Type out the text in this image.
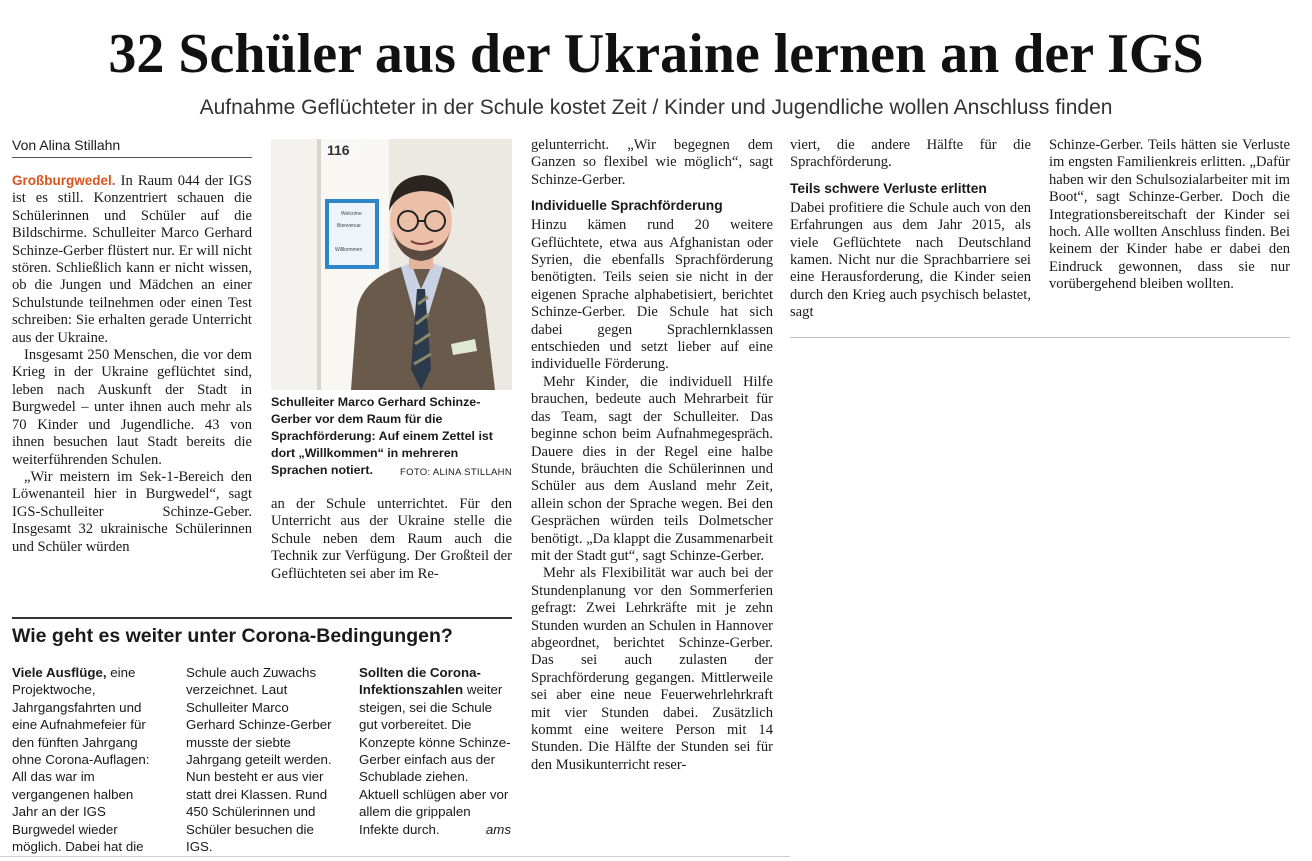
32 Schüler aus der Ukraine lernen an der IGS
Aufnahme Geflüchteter in der Schule kostet Zeit / Kinder und Jugendliche wollen Anschluss finden
Von Alina Stillahn

Großburgwedel. In Raum 044 der IGS ist es still. Konzentriert schauen die Schülerinnen und Schüler auf die Bildschirme. Schulleiter Marco Gerhard Schinze-Gerber flüstert nur. Er will nicht stören. Schließlich kann er nicht wissen, ob die Jungen und Mädchen an einer Schulstunde teilnehmen oder einen Test schreiben: Sie erhalten gerade Unterricht aus der Ukraine.

Insgesamt 250 Menschen, die vor dem Krieg in der Ukraine geflüchtet sind, leben nach Auskunft der Stadt in Burgwedel – unter ihnen auch mehr als 70 Kinder und Jugendliche. 43 von ihnen besuchen laut Stadt bereits die weiterführenden Schulen.

„Wir meistern im Sek-1-Bereich den Löwenanteil hier in Burgwedel“, sagt IGS-Schulleiter Schinze-Geber. Insgesamt 32 ukrainische Schülerinnen und Schüler würden

116
Welcome
Bienvenue
Willkommen
Schulleiter Marco Gerhard Schinze-Gerber vor dem Raum für die Sprachförderung: Auf einem Zettel ist dort „Willkommen“ in mehreren Sprachen notiert.	FOTO: ALINA STILLAHN

an der Schule unterrichtet. Für den Unterricht aus der Ukraine stelle die Schule neben dem Raum auch die Technik zur Verfügung. Der Großteil der Geflüchteten sei aber im Re-

gelunterricht. „Wir begegnen dem Ganzen so flexibel wie möglich“, sagt Schinze-Gerber.

Individuelle Sprachförderung

Hinzu kämen rund 20 weitere Geflüchtete, etwa aus Afghanistan oder Syrien, die ebenfalls Sprachförderung benötigten. Teils seien sie nicht in der eigenen Sprache alphabetisiert, berichtet Schinze-Gerber. Die Schule hat sich dabei gegen Sprachlernklassen entschieden und setzt lieber auf eine individuelle Förderung.

Mehr Kinder, die individuell Hilfe brauchen, bedeute auch Mehrarbeit für das Team, sagt der Schulleiter. Das beginne schon beim Aufnahmegespräch. Dauere dies in der Regel eine halbe Stunde, bräuchten die Schülerinnen und Schüler aus dem Ausland mehr Zeit, allein schon der Sprache wegen. Bei den Gesprächen würden teils Dolmetscher benötigt. „Da klappt die Zusammenarbeit mit der Stadt gut“, sagt Schinze-Gerber.

Mehr als Flexibilität war auch bei der Stundenplanung vor den Sommerferien gefragt: Zwei Lehrkräfte mit je zehn Stunden wurden an Schulen in Hannover abgeordnet, berichtet Schinze-Gerber. Das sei auch zulasten der Sprachförderung gegangen. Mittlerweile sei aber eine neue Feuerwehrlehrkraft mit vier Stunden dabei. Zusätzlich kommt eine weitere Person mit 14 Stunden. Die Hälfte der Stunden sei für den Musikunterricht reser-

viert, die andere Hälfte für die Sprachförderung.

Teils schwere Verluste erlitten

Dabei profitiere die Schule auch von den Erfahrungen aus dem Jahr 2015, als viele Geflüchtete nach Deutschland kamen. Nicht nur die Sprachbarriere sei eine Herausforderung, die Kinder seien durch den Krieg auch psychisch belastet, sagt

Schinze-Gerber. Teils hätten sie Verluste im engsten Familienkreis erlitten. „Dafür haben wir den Schulsozialarbeiter mit im Boot“, sagt Schinze-Gerber. Doch die Integrationsbereitschaft der Kinder sei hoch. Alle wollten Anschluss finden. Bei keinem der Kinder habe er dabei den Eindruck gewonnen, dass sie nur vorübergehend bleiben wollten.

Wie geht es weiter unter Corona-Bedingungen?
Viele Ausflüge, eine Projektwoche, Jahrgangsfahrten und eine Aufnahmefeier für den fünften Jahrgang ohne Corona-Auflagen: All das war im vergangenen halben Jahr an der IGS Burgwedel wieder möglich. Dabei hat die
Schule auch Zuwachs verzeichnet. Laut Schulleiter Marco Gerhard Schinze-Gerber musste der siebte Jahrgang geteilt werden. Nun besteht er aus vier statt drei Klassen. Rund 450 Schülerinnen und Schüler besuchen die IGS.
Sollten die Corona-Infektionszahlen weiter steigen, sei die Schule gut vorbereitet. Die Konzepte könne Schinze-Gerber einfach aus der Schublade ziehen. Aktuell schlügen aber vor allem die grippalen Infekte durch.	ams
